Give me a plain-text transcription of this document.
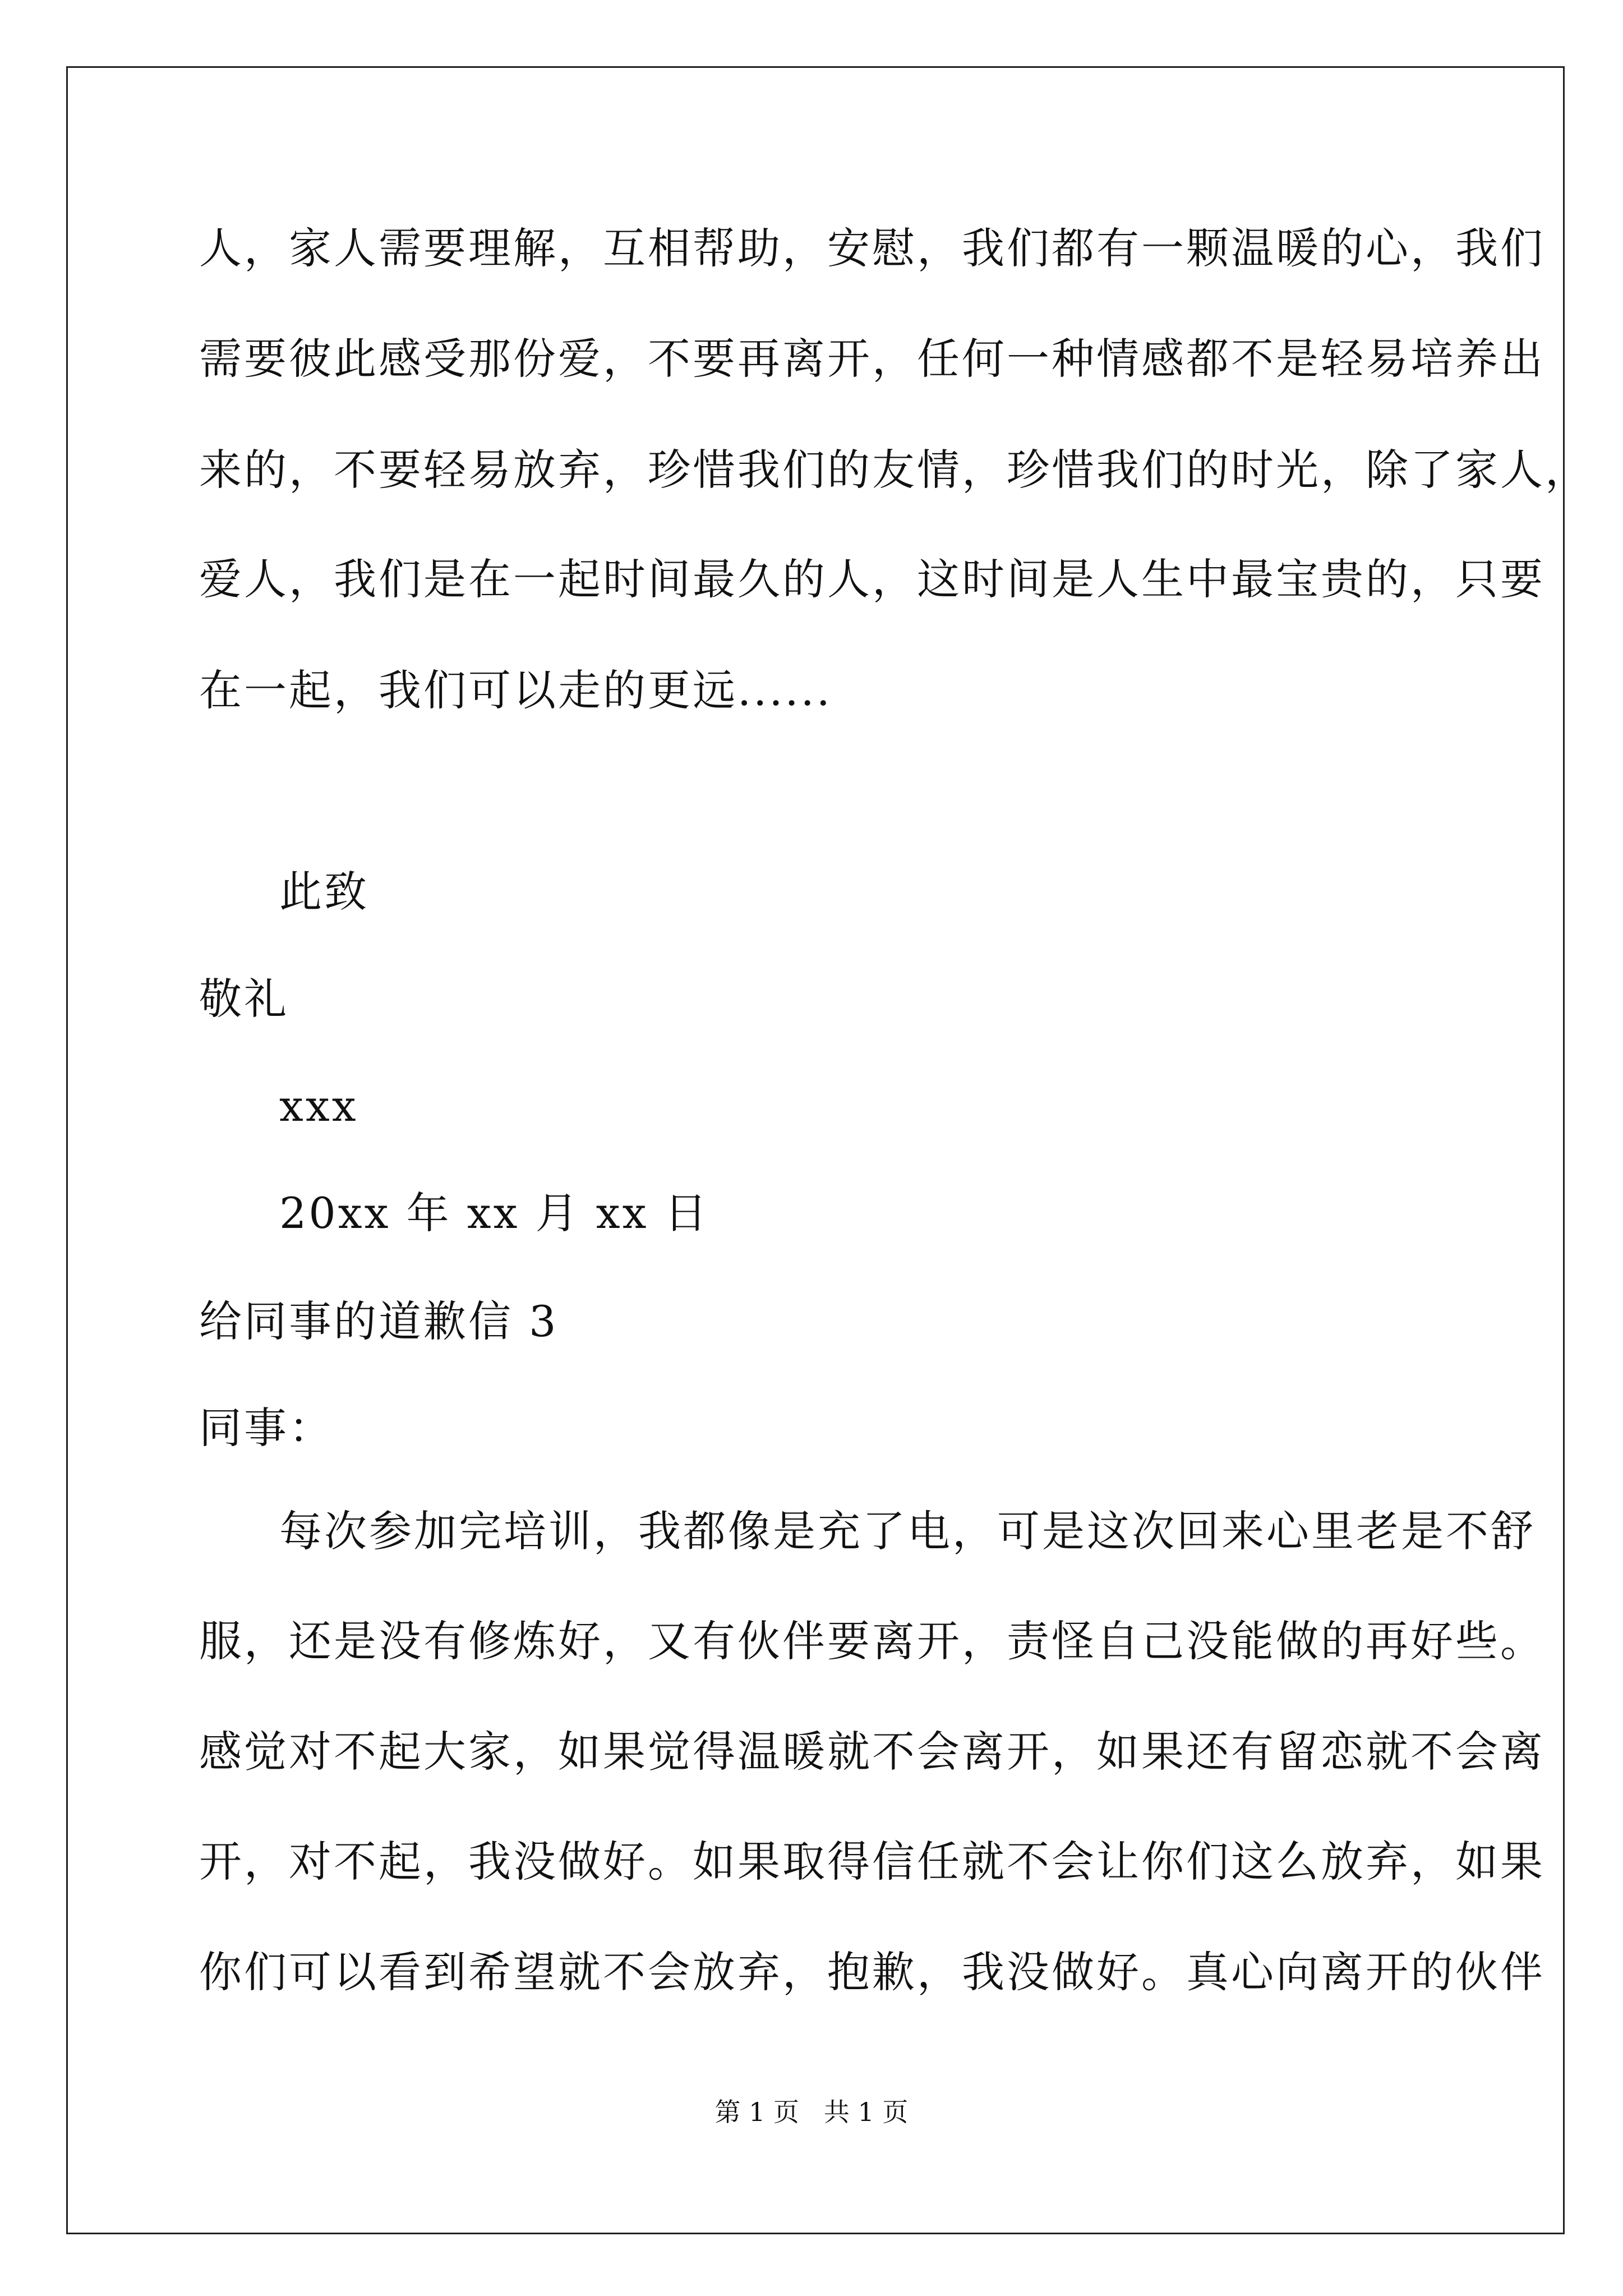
人，家人需要理解，互相帮助，安慰，我们都有一颗温暖的心，我们
需要彼此感受那份爱，不要再离开，任何一种情感都不是轻易培养出
来的，不要轻易放弃，珍惜我们的友情，珍惜我们的时光，除了家人，
爱人，我们是在一起时间最久的人，这时间是人生中最宝贵的，只要
在一起，我们可以走的更远......
此致
敬礼
xxx
20xx 年 xx 月 xx 日
给同事的道歉信 3
同事：
每次参加完培训，我都像是充了电，可是这次回来心里老是不舒
服，还是没有修炼好，又有伙伴要离开，责怪自己没能做的再好些。
感觉对不起大家，如果觉得温暖就不会离开，如果还有留恋就不会离
开，对不起，我没做好。如果取得信任就不会让你们这么放弃，如果
你们可以看到希望就不会放弃，抱歉，我没做好。真心向离开的伙伴
第 1 页   共 1 页
